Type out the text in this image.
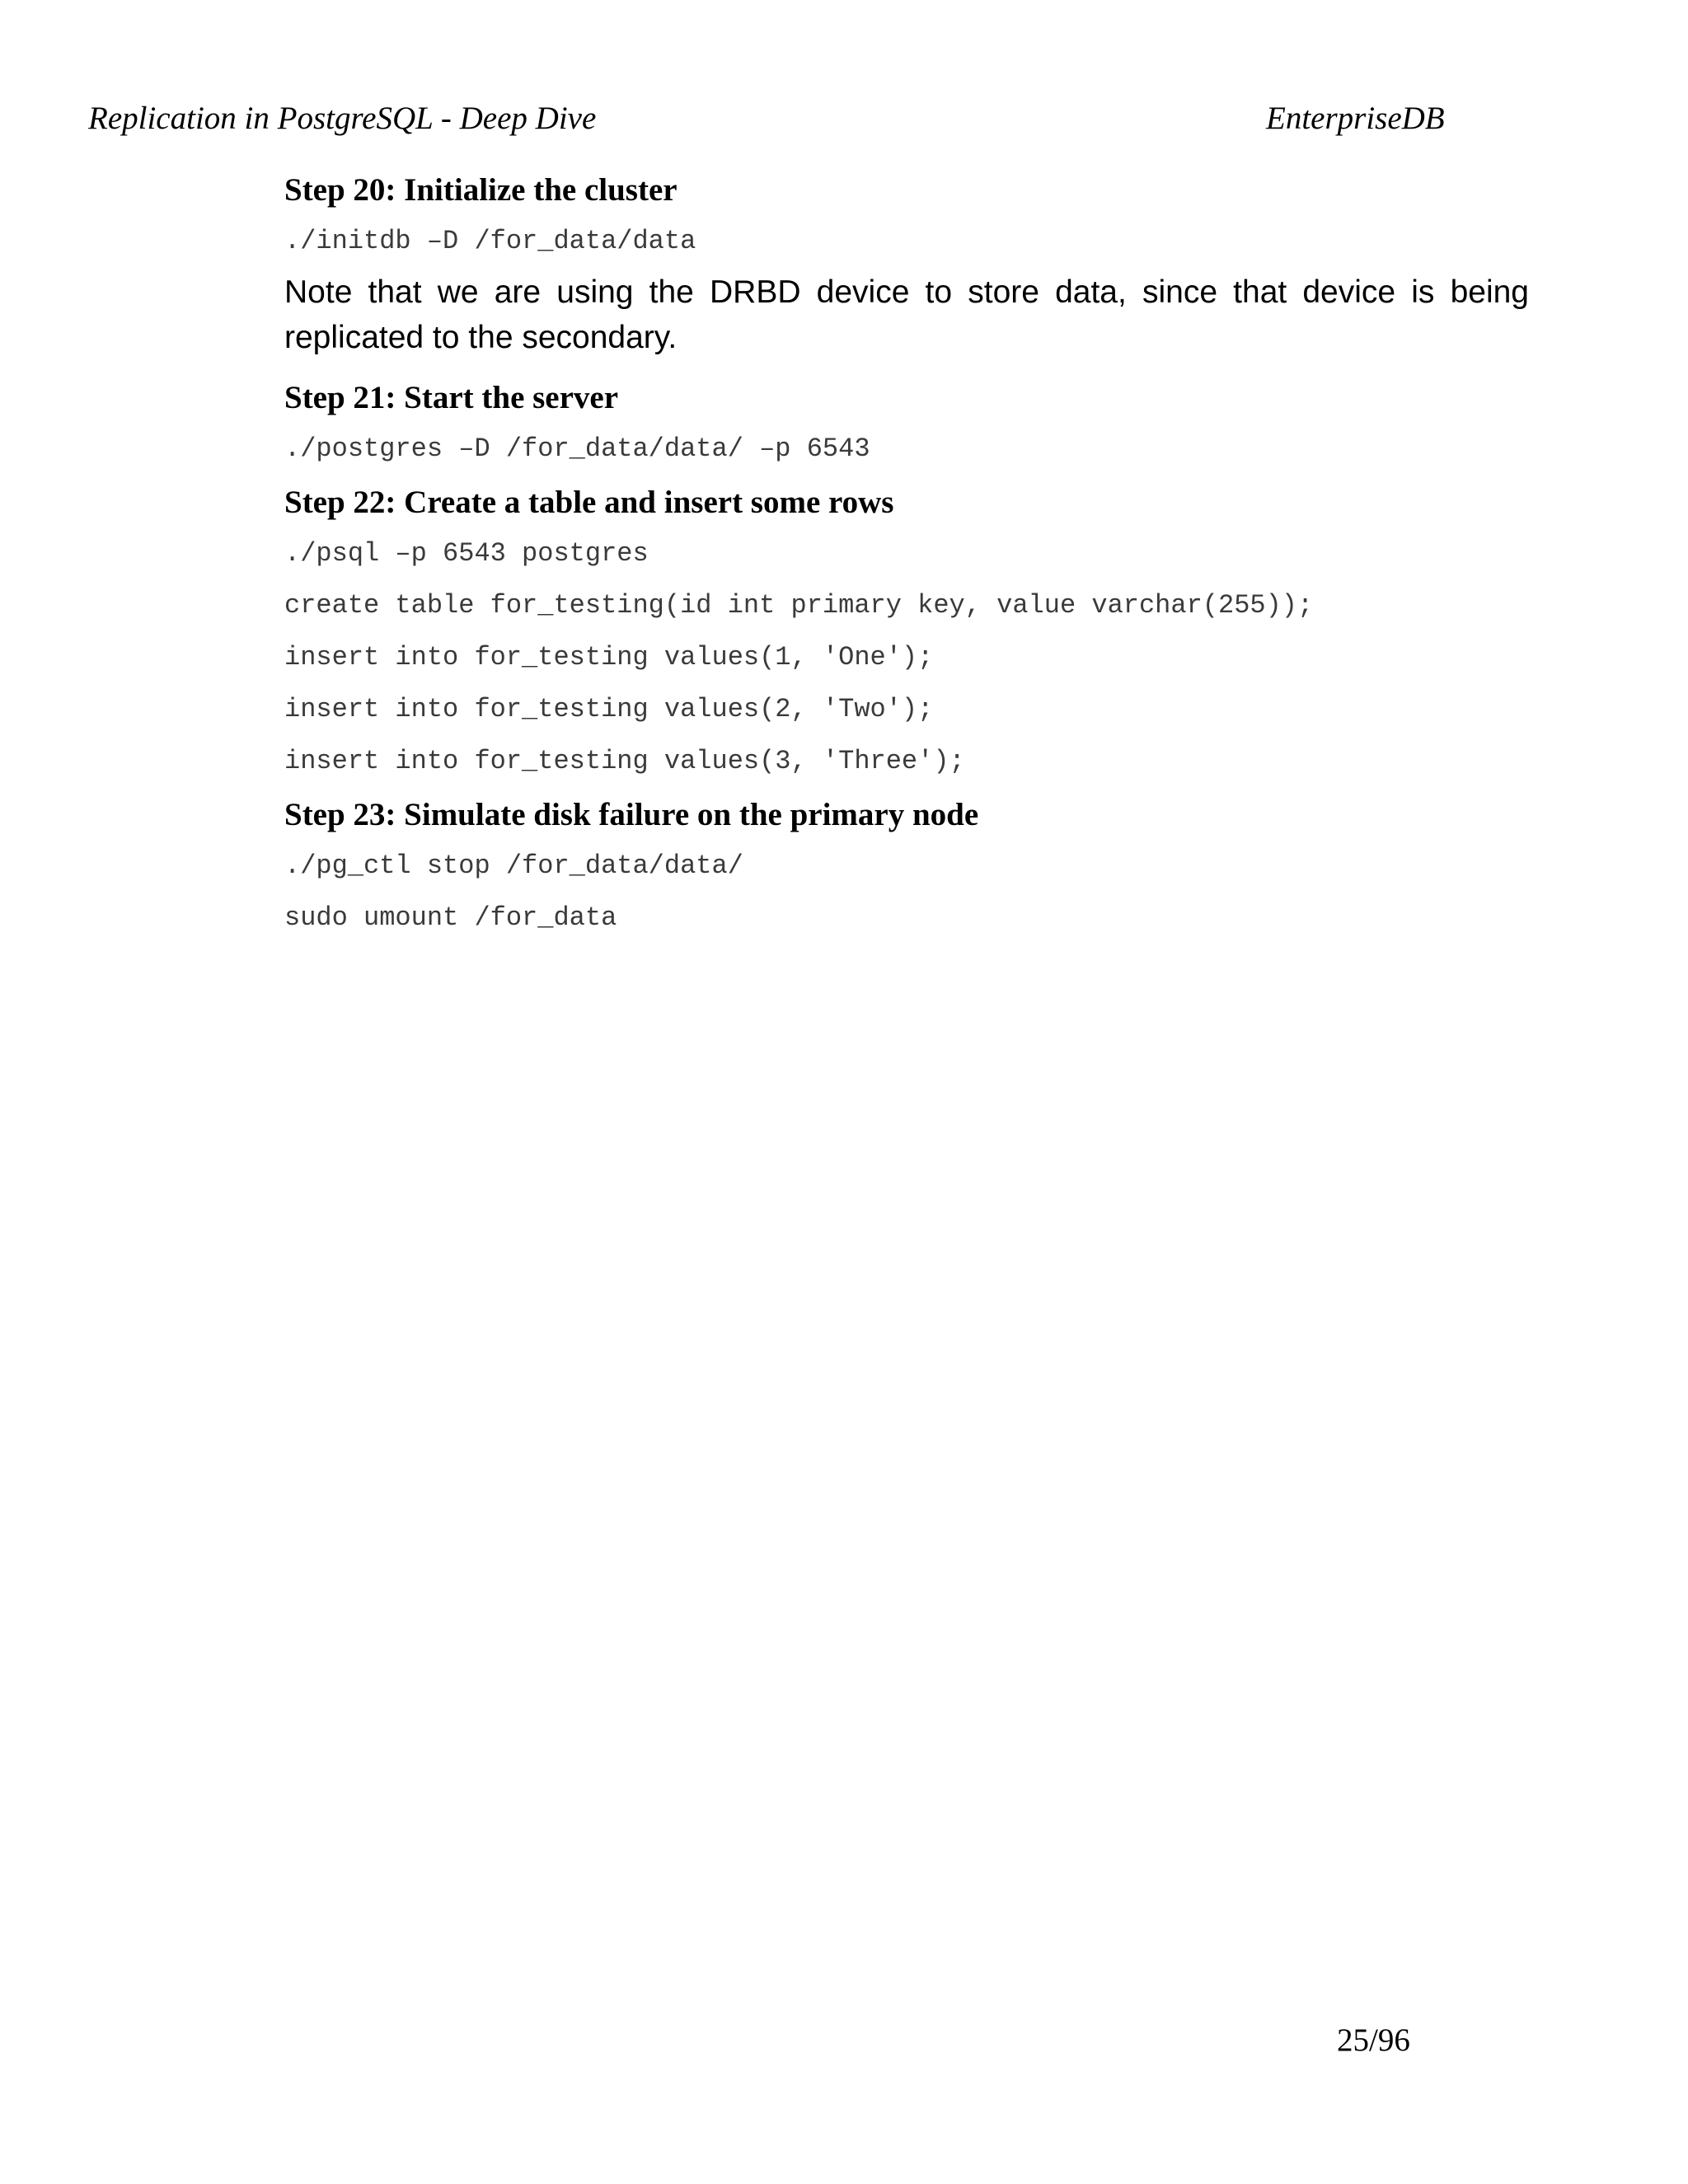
Replication in PostgreSQL - Deep Dive	EnterpriseDB
Step 20: Initialize the cluster
./initdb –D /for_data/data
Note that we are using the DRBD device to store data, since that device is being replicated to the secondary.
Step 21: Start the server
./postgres –D /for_data/data/ –p 6543
Step 22: Create a table and insert some rows
./psql –p 6543 postgres
create table for_testing(id int primary key, value varchar(255));
insert into for_testing values(1, 'One');
insert into for_testing values(2, 'Two');
insert into for_testing values(3, 'Three');
Step 23: Simulate disk failure on the primary node
./pg_ctl stop /for_data/data/
sudo umount /for_data
25/96
